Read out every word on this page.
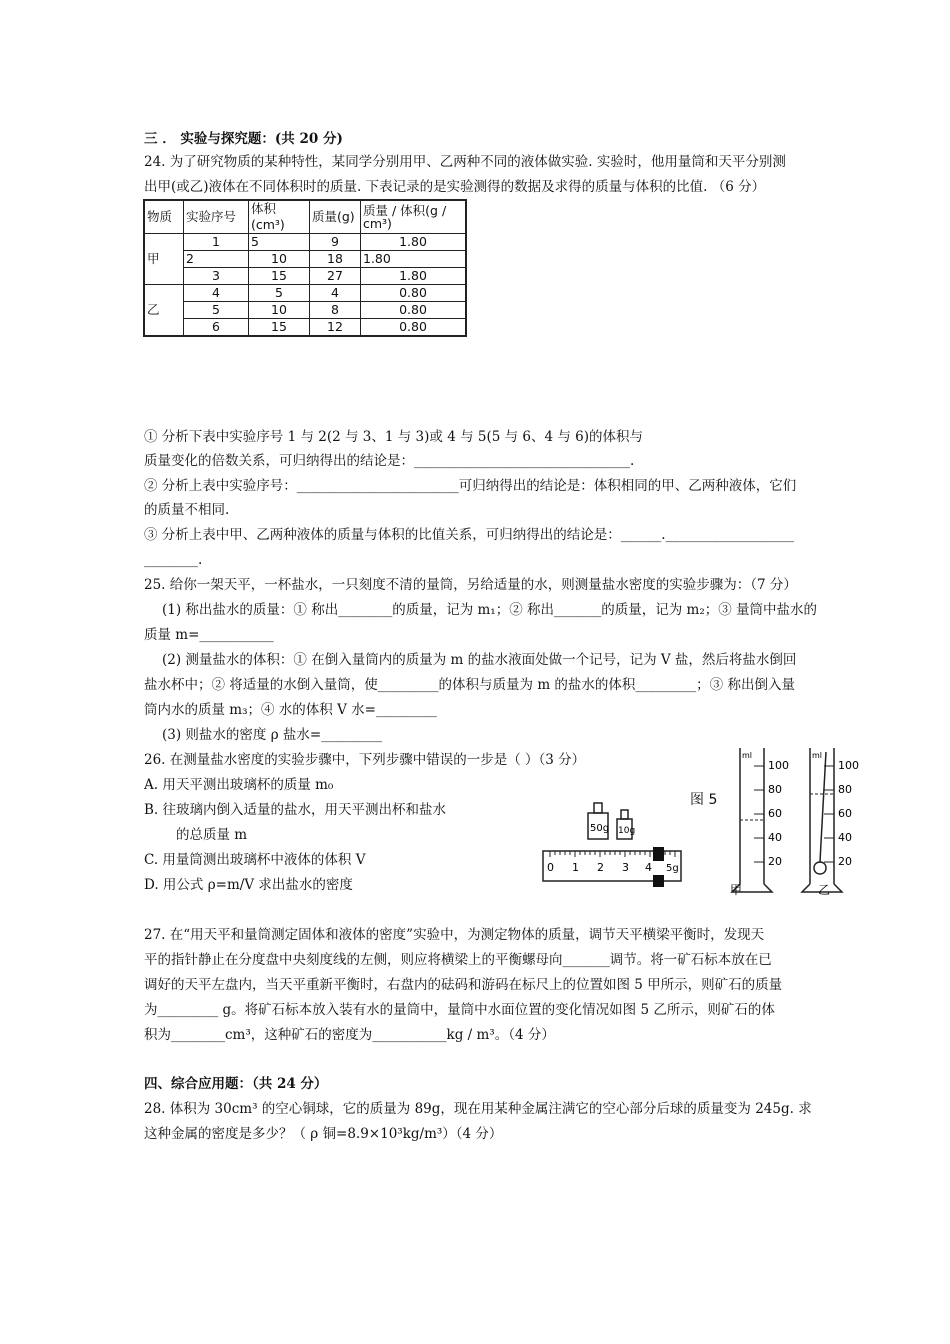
三 ． 实验与探究题：(共 20 分)
24. 为了研究物质的某种特性，某同学分别用甲、乙两种不同的液体做实验. 实验时，他用量筒和天平分别测
出甲(或乙)液体在不同体积时的质量. 下表记录的是实验测得的数据及求得的质量与体积的比值. （6 分）
物质	实验序号	体积(cm³)	质量(g)	质量 / 体积(g / cm³)
甲	1	5	9	1.80
	2	10	18	1.80
	3	15	27	1.80
乙	4	5	4	0.80
	5	10	8	0.80
	6	15	12	0.80
① 分析下表中实验序号 1 与 2(2 与 3、1 与 3)或 4 与 5(5 与 6、4 与 6)的体积与
质量变化的倍数关系，可归纳得出的结论是：________________________________.
② 分析上表中实验序号：________________________可归纳得出的结论是：体积相同的甲、乙两种液体，它们
的质量不相同.
③ 分析上表中甲、乙两种液体的质量与体积的比值关系，可归纳得出的结论是：______.___________________
________.
25. 给你一架天平，一杯盐水，一只刻度不清的量筒，另给适量的水，则测量盐水密度的实验步骤为：（7 分）
(1) 称出盐水的质量：① 称出________的质量，记为 m₁；② 称出_______的质量，记为 m₂；③ 量筒中盐水的
质量 m=___________
(2) 测量盐水的体积：① 在倒入量筒内的质量为 m 的盐水液面处做一个记号，记为 V 盐，然后将盐水倒回
盐水杯中；② 将适量的水倒入量筒，使_________的体积与质量为 m 的盐水的体积_________；③ 称出倒入量
筒内水的质量 m₃；④ 水的体积 V 水=_________
(3) 则盐水的密度 ρ 盐水=_________
26. 在测量盐水密度的实验步骤中，下列步骤中错误的一步是（ ）（3 分）
A. 用天平测出玻璃杯的质量 m₀
B. 往玻璃内倒入适量的盐水，用天平测出杯和盐水
的总质量 m
C. 用量筒测出玻璃杯中液体的体积 V
D. 用公式 ρ=m/V 求出盐水的密度
50g 10g
0 1 2 3 4 5g
图 5
ml
100
80
60
40
20
甲
ml
100
80
60
40
20
乙
27. 在“用天平和量筒测定固体和液体的密度”实验中，为测定物体的质量，调节天平横梁平衡时，发现天
平的指针静止在分度盘中央刻度线的左侧，则应将横梁上的平衡螺母向_______调节。将一矿石标本放在已
调好的天平左盘内，当天平重新平衡时，右盘内的砝码和游码在标尺上的位置如图 5 甲所示，则矿石的质量
为_________ g。将矿石标本放入装有水的量筒中，量筒中水面位置的变化情况如图 5 乙所示，则矿石的体
积为________cm³，这种矿石的密度为___________kg / m³。（4 分）
四、综合应用题：（共 24 分）
28. 体积为 30cm³ 的空心铜球，它的质量为 89g，现在用某种金属注满它的空心部分后球的质量变为 245g. 求
这种金属的密度是多少？（ ρ 铜=8.9×10³kg/m³）（4 分）
